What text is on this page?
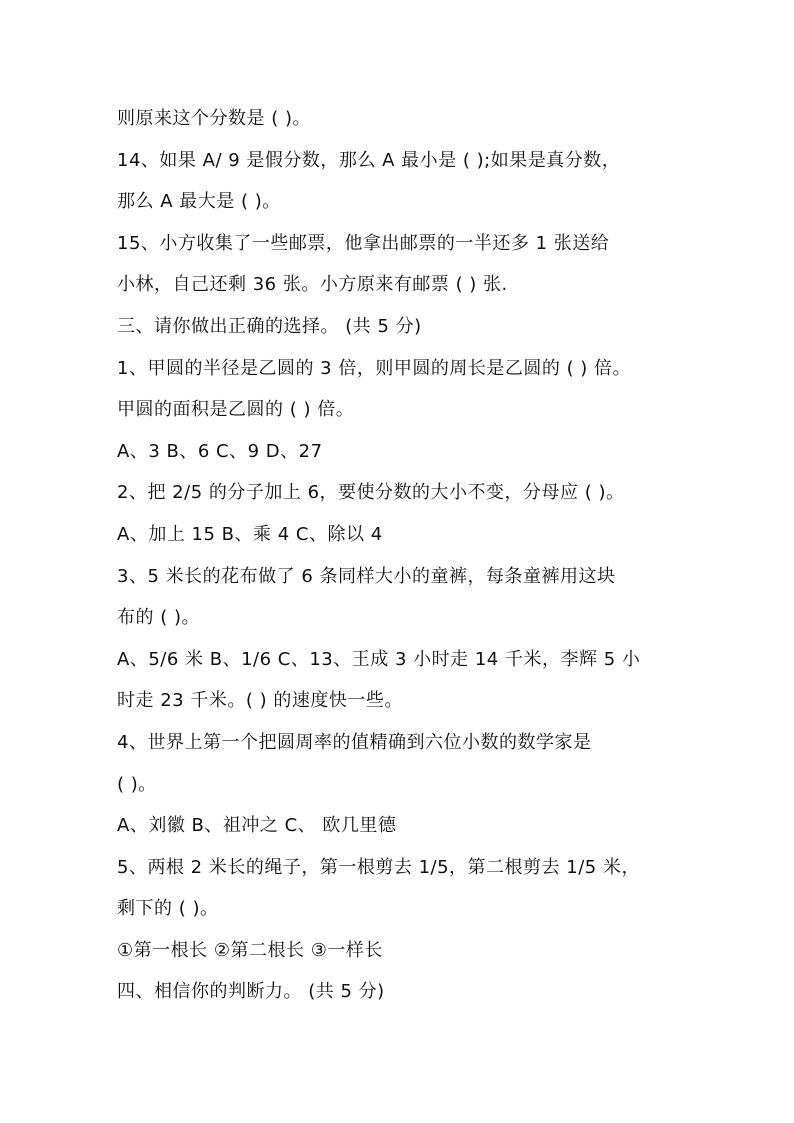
则原来这个分数是 ( )。
14、如果 A/ 9 是假分数，那么 A 最小是 ( );如果是真分数，
那么 A 最大是 ( )。
15、小方收集了一些邮票，他拿出邮票的一半还多 1 张送给
小林，自己还剩 36 张。小方原来有邮票 ( ) 张.
三、请你做出正确的选择。 (共 5 分)
1、甲圆的半径是乙圆的 3 倍，则甲圆的周长是乙圆的 ( ) 倍。
甲圆的面积是乙圆的 ( ) 倍。
A、3 B、6 C、9 D、27
2、把 2/5 的分子加上 6，要使分数的大小不变，分母应 ( )。
A、加上 15 B、乘 4 C、除以 4
3、5 米长的花布做了 6 条同样大小的童裤，每条童裤用这块
布的 ( )。
A、5/6 米 B、1/6 C、13、王成 3 小时走 14 千米，李辉 5 小
时走 23 千米。( ) 的速度快一些。
4、世界上第一个把圆周率的值精确到六位小数的数学家是
( )。
A、刘徽 B、祖冲之 C、 欧几里德
5、两根 2 米长的绳子，第一根剪去 1/5，第二根剪去 1/5 米，
剩下的 ( )。
①第一根长 ②第二根长 ③一样长
四、相信你的判断力。 (共 5 分)
